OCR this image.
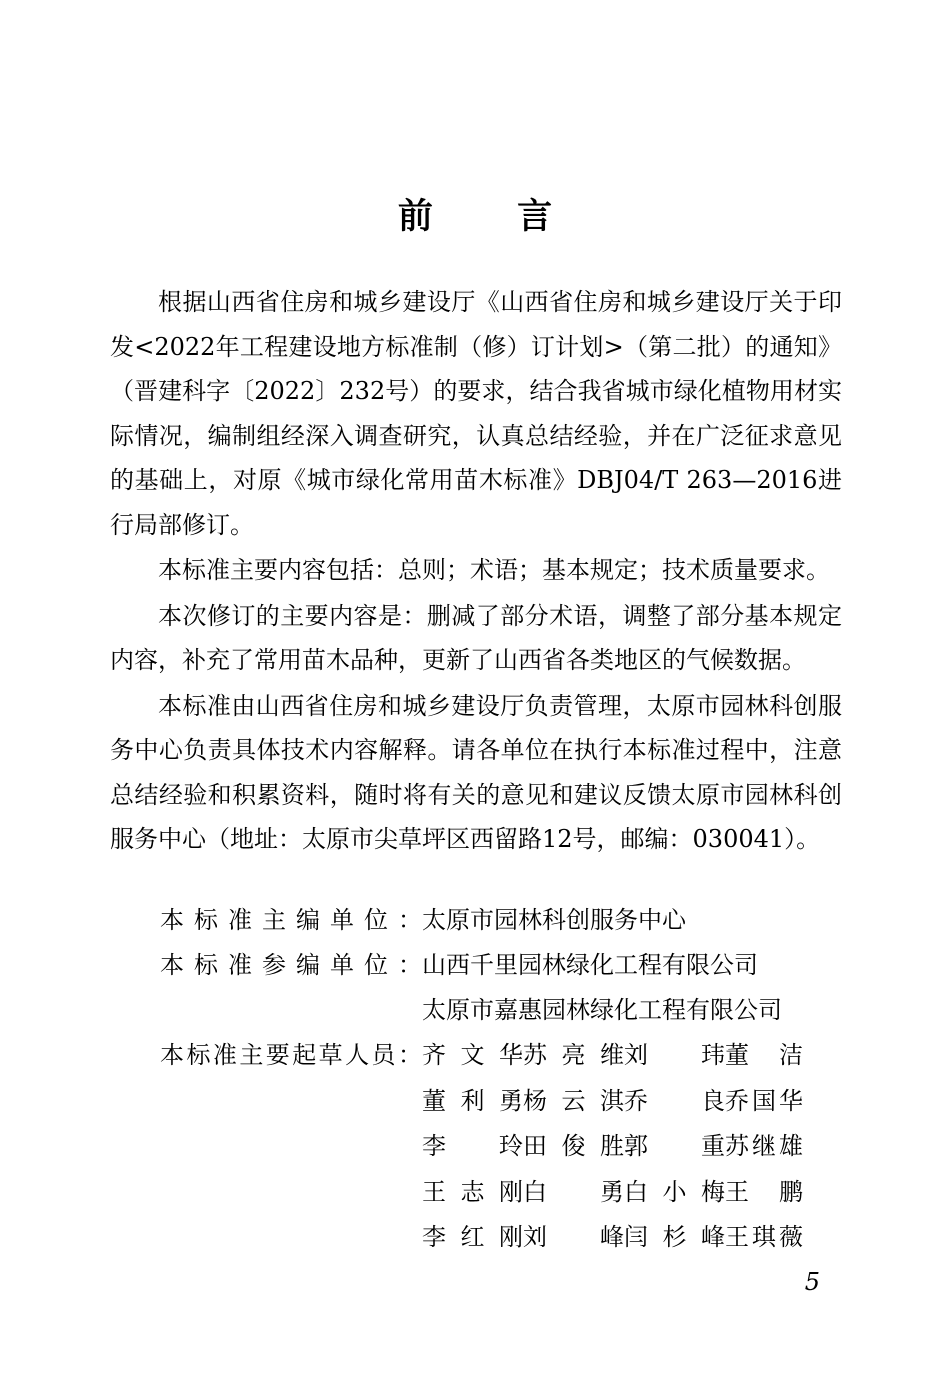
前 言

根据山西省住房和城乡建设厅《山西省住房和城乡建设厅关于印发<2022年工程建设地方标准制（修）订计划>（第二批）的通知》（晋建科字〔2022〕232号）的要求，结合我省城市绿化植物用材实际情况，编制组经深入调查研究，认真总结经验，并在广泛征求意见的基础上，对原《城市绿化常用苗木标准》DBJ04/T 263—2016进行局部修订。

本标准主要内容包括：总则；术语；基本规定；技术质量要求。

本次修订的主要内容是：删减了部分术语，调整了部分基本规定内容，补充了常用苗木品种，更新了山西省各类地区的气候数据。

本标准由山西省住房和城乡建设厅负责管理，太原市园林科创服务中心负责具体技术内容解释。请各单位在执行本标准过程中，注意总结经验和积累资料，随时将有关的意见和建议反馈太原市园林科创服务中心（地址：太原市尖草坪区西留路12号，邮编：030041）。

本标准主编单位： 太原市园林科创服务中心
本标准参编单位： 山西千里园林绿化工程有限公司
太原市嘉惠园林绿化工程有限公司
本标准主要起草人员： 齐文华 苏亮维 刘 玮 董 洁
董利勇 杨云淇 乔 良 乔国华
李 玲 田俊胜 郭 重 苏继雄
王志刚 白 勇 白小梅 王 鹏
李红刚 刘 峰 闫杉峰 王琪薇
5
